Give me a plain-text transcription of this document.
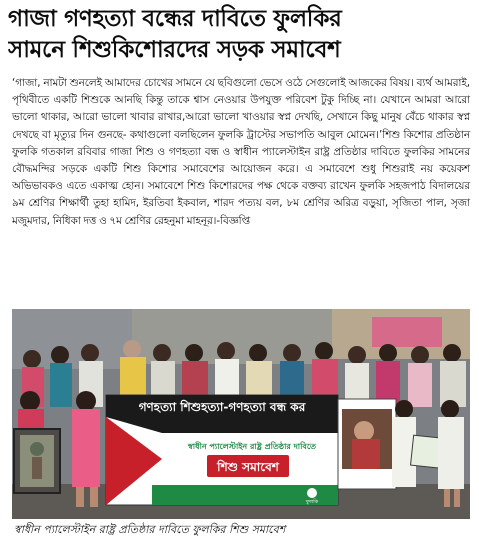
গাজা গণহত্যা বন্ধের দাবিতে ফুলকির
সামনে শিশুকিশোরদের সড়ক সমাবেশ

‘গাজা, নামটা শুনলেই আমাদের চোখের সামনে যে ছবিগুলো ভেসে ওঠে সেগুলোই আজকের বিষয়। ব্যর্থ আমরাই, পৃথিবীতে একটি শিশুকে আনছি কিন্তু তাকে শ্বাস নেওয়ার উপযুক্ত পরিবেশ টুকু দিচ্ছি না। যেখানে আমরা আরো ভালো থাকার, আরো ভালো খাবার রাখার,আরো ভালো খাওয়ার স্বপ্ন দেখছি, সেখানে কিছু মানুষ বেঁচে থাকার স্বপ্ন দেখছে বা মৃত্যুর দিন গুনছে- কথাগুলো বলছিলেন ফুলকি ট্রাস্টের সভাপতি আবুল মোমেন।’শিশু কিশোর প্রতিষ্ঠান ফুলকি গতকাল রবিবার গাজা শিশু ও গণহত্যা বন্ধ ও স্বাধীন প্যালেস্টাইন রাষ্ট্র প্রতিষ্ঠার দাবিতে ফুলকির সামনের বৌদ্ধমন্দির সড়কে একটি শিশু কিশোর সমাবেশের আয়োজন করে। এ সমাবেশে শুধু শিশুরাই নয় কয়েকশ অভিভাবকও এতে একাত্ম হোন। সমাবেশে শিশু কিশোরদের পক্ষ থেকে বক্তব্য রাখেন ফুলকি সহজপাঠ বিদালয়ের ৯ম শ্রেণির শিক্ষার্থী তুহা হামিদ, ইরতিবা ইকবাল, শারদ পত্যয় বল, ৮ম শ্রেণির অরিত্র বড়ুয়া, সৃজিতা পাল, সৃজা মজুমদার, নিধিকা দত্ত ও ৭ম শ্রেণির রেহনুমা মাহনূর।-বিজ্ঞপ্তি

গণহত্যা শিশুহত্যা-গণহত্যা বন্ধ কর
স্বাধীন প্যালেস্টাইন রাষ্ট্র প্রতিষ্ঠার দাবিতে
শিশু সমাবেশ
ফুলকি
স্বাধীন প্যালেস্টাইন রাষ্ট্র প্রতিষ্ঠার দাবিতে ফুলকির শিশু সমাবেশ
